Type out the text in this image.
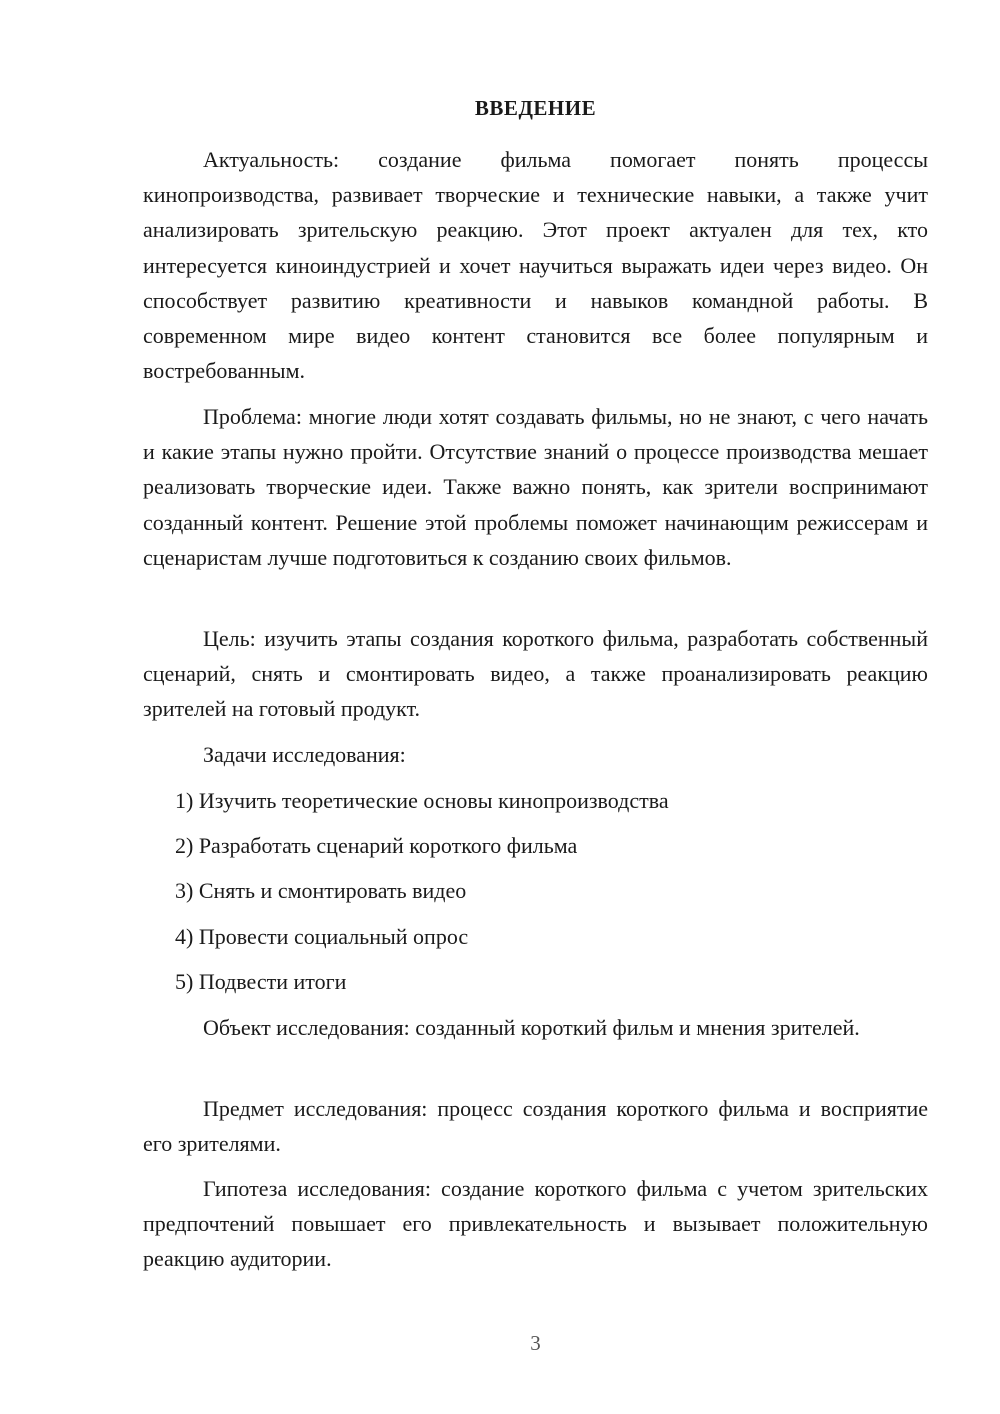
ВВЕДЕНИЕ

Актуальность: создание фильма помогает понять процессы кинопроизводства, развивает творческие и технические навыки, а также учит анализировать зрительскую реакцию. Этот проект актуален для тех, кто интересуется киноиндустрией и хочет научиться выражать идеи через видео. Он способствует развитию креативности и навыков командной работы. В современном мире видео контент становится все более популярным и востребованным.

Проблема: многие люди хотят создавать фильмы, но не знают, с чего начать и какие этапы нужно пройти. Отсутствие знаний о процессе производства мешает реализовать творческие идеи. Также важно понять, как зрители воспринимают созданный контент. Решение этой проблемы поможет начинающим режиссерам и сценаристам лучше подготовиться к созданию своих фильмов.

Цель: изучить этапы создания короткого фильма, разработать собственный сценарий, снять и смонтировать видео, а также проанализировать реакцию зрителей на готовый продукт.

Задачи исследования:

1) Изучить теоретические основы кинопроизводства

2) Разработать сценарий короткого фильма

3) Снять и смонтировать видео

4) Провести социальный опрос

5) Подвести итоги

Объект исследования: созданный короткий фильм и мнения зрителей.

Предмет исследования: процесс создания короткого фильма и восприятие его зрителями.

Гипотеза исследования: создание короткого фильма с учетом зрительских предпочтений повышает его привлекательность и вызывает положительную реакцию аудитории.

3
